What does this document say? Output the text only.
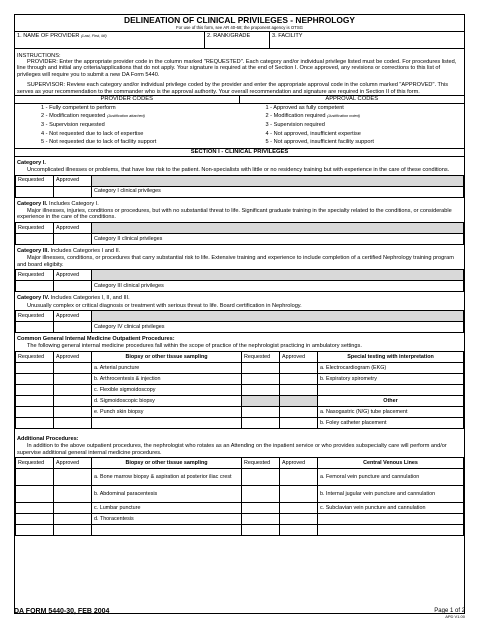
DELINEATION OF CLINICAL PRIVILEGES - NEPHROLOGY
For use of this form, see AR 40-68; the proponent agency is OTSG
1. NAME OF PROVIDER (Last, First, MI)	2. RANK/GRADE	3. FACILITY
INSTRUCTIONS:
PROVIDER: Enter the appropriate provider code in the column marked "REQUESTED". Each category and/or individual privilege listed must be coded. For procedures listed, line through and initial any criteria/applications that do not apply. Your signature is required at the end of Section I. Once approved, any revisions or corrections to this list of privileges will require you to submit a new DA Form 5440.
SUPERVISOR: Review each category and/or individual privilege coded by the provider and enter the appropriate approval code in the column marked "APPROVED". This serves as your recommendation to the commander who is the approval authority. Your overall recommendation and signature are required in Section II of this form.
PROVIDER CODES	APPROVAL CODES
1 - Fully competent to perform
2 - Modification requested (Justification attached)
3 - Supervision requested
4 - Not requested due to lack of expertise
5 - Not requested due to lack of facility support
1 - Approved as fully competent
2 - Modification required (Justification noted)
3 - Supervision required
4 - Not approved, insufficient expertise
5 - Not approved, insufficient facility support
SECTION I - CLINICAL PRIVILEGES
Category I.
Uncomplicated illnesses or problems, that have low risk to the patient. Non-specialists with little or no residency training but with experience in the care of these conditions.
Requested	Approved	
		Category I clinical privileges
Category II. Includes Category I.
Major illnesses, injuries, conditions or procedures, but with no substantial threat to life. Significant graduate training in the specialty related to the conditions, or considerable experience in the care of the conditions.
Requested	Approved	
		Category II clinical privileges
Category III. Includes Categories I and II.
Major illnesses, conditions, or procedures that carry substantial risk to life. Extensive training and experience to include completion of a certified Nephrology training program and board eligibity.
Requested	Approved	
		Category III clinical privileges
Category IV. Includes Categories I, II, and III.
Unusually complex or critical diagnosis or treatment with serious threat to life. Board certification in Nephrology.
Requested	Approved	
		Category IV clinical privileges
Common General Internal Medicine Outpatient Procedures:
The following general internal medicine procedures fall within the scope of practice of the nephrologist practicing in ambulatory settings.
Requested	Approved	Biopsy or other tissue sampling	Requested	Approved	Special testing with interpretation
		a. Arterial puncture			a. Electrocardiogram (EKG)
		b. Arthrocentesis & injection			b. Expiratory spirometry
		c. Flexible sigmoidoscopy			
		d. Sigmoidoscopic biopsy			Other
		e. Punch skin biopsy			a. Nasogastric (N/G) tube placement
					b. Foley catheter placement
Additional Procedures:
In addition to the above outpatient procedures, the nephrologist who rotates as an Attending on the inpatient service or who provides subspecialty care will perform and/or supervise additional general internal medicine procedures.
Requested	Approved	Biopsy or other tissue sampling	Requested	Approved	Central Venous Lines
		a. Bone marrow biopsy & aspiration at posterior iliac crest			a. Femoral vein puncture and cannulation
		b. Abdominal paracentesis			b. Internal jugular vein puncture and cannulation
		c. Lumbar puncture			c. Subclavian vein puncture and cannulation
		d. Thoracentesis			

DA FORM 5440-30, FEB 2004	Page 1 of 2
APD V1.00
